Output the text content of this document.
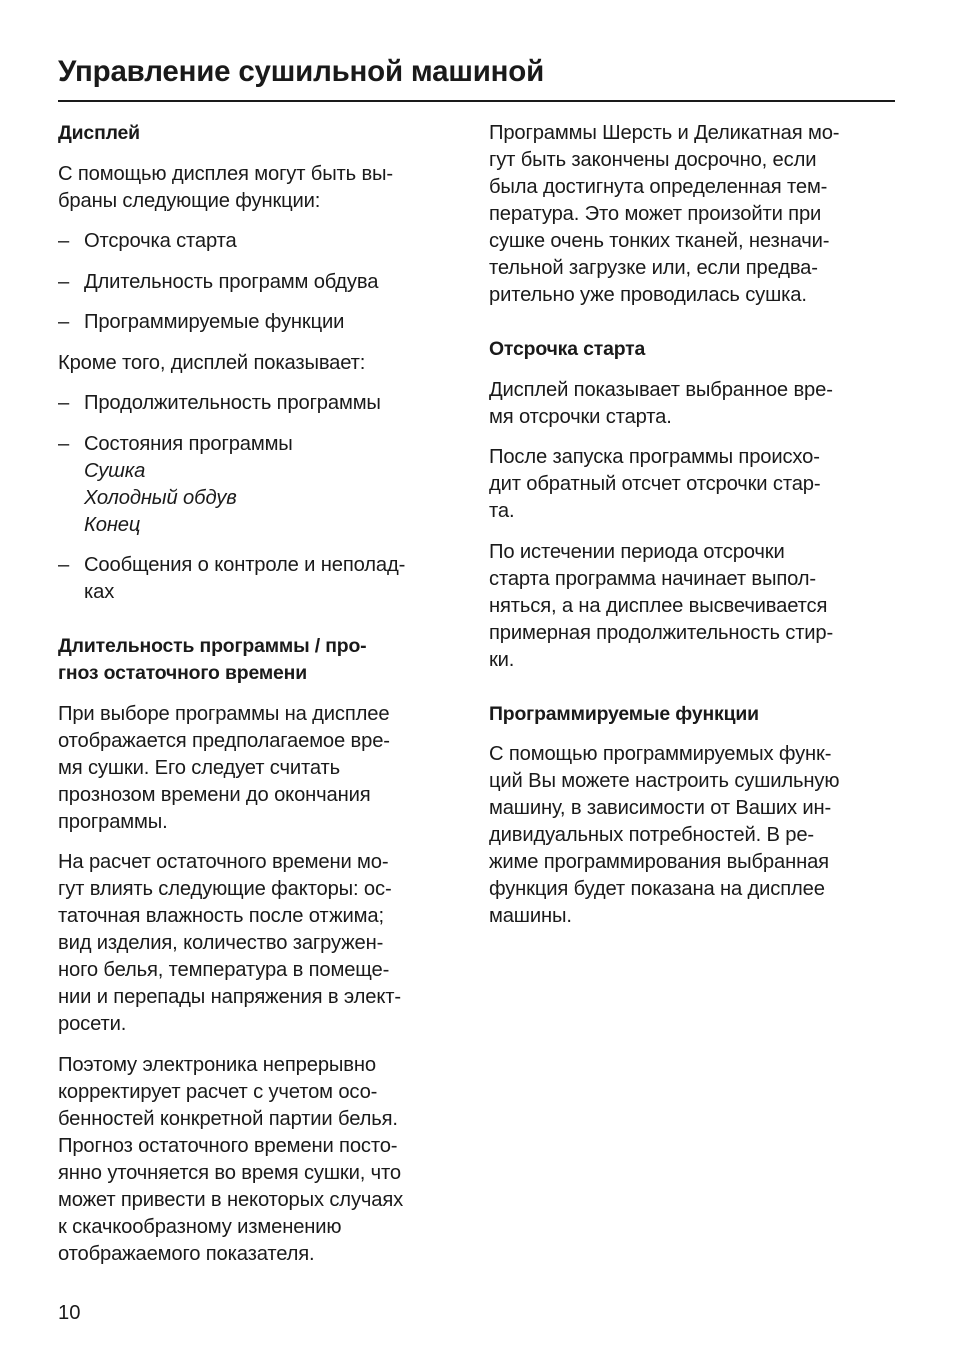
Управление сушильной машиной
Дисплей

С помощью дисплея могут быть вы-
браны следующие функции:

– Отсрочка старта
– Длительность программ обдува
– Программируемые функции

Кроме того, дисплей показывает:

– Продолжительность программы
– Состояния программы
Сушка
Холодный обдув
Конец
– Сообщения о контроле и неполад-
ках
Длительность программы / про-
гноз остаточного времени

При выборе программы на дисплее
отображается предполагаемое вре-
мя сушки. Его следует считать
прознозом времени до окончания
программы.

На расчет остаточного времени мо-
гут влиять следующие факторы: ос-
таточная влажность после отжима;
вид изделия, количество загружен-
ного белья, температура в помеще-
нии и перепады напряжения в элект-
росети.

Поэтому электроника непрерывно
корректирует расчет с учетом осо-
бенностей конкретной партии белья.
Прогноз остаточного времени посто-
янно уточняется во время сушки, что
может привести в некоторых случаях
к скачкообразному изменению
отображаемого показателя.

Программы Шерсть и Деликатная мо-
гут быть закончены досрочно, если
была достигнута определенная тем-
пература. Это может произойти при
сушке очень тонких тканей, незначи-
тельной загрузке или, если предва-
рительно уже проводилась сушка.

Отсрочка старта

Дисплей показывает выбранное вре-
мя отсрочки старта.

После запуска программы происхо-
дит обратный отсчет отсрочки стар-
та.

По истечении периода отсрочки
старта программа начинает выпол-
няться, а на дисплее высвечивается
примерная продолжительность стир-
ки.

Программируемые функции

С помощью программируемых функ-
ций Вы можете настроить сушильную
машину, в зависимости от Ваших ин-
дивидуальных потребностей. В ре-
жиме программирования выбранная
функция будет показана на дисплее
машины.

10
